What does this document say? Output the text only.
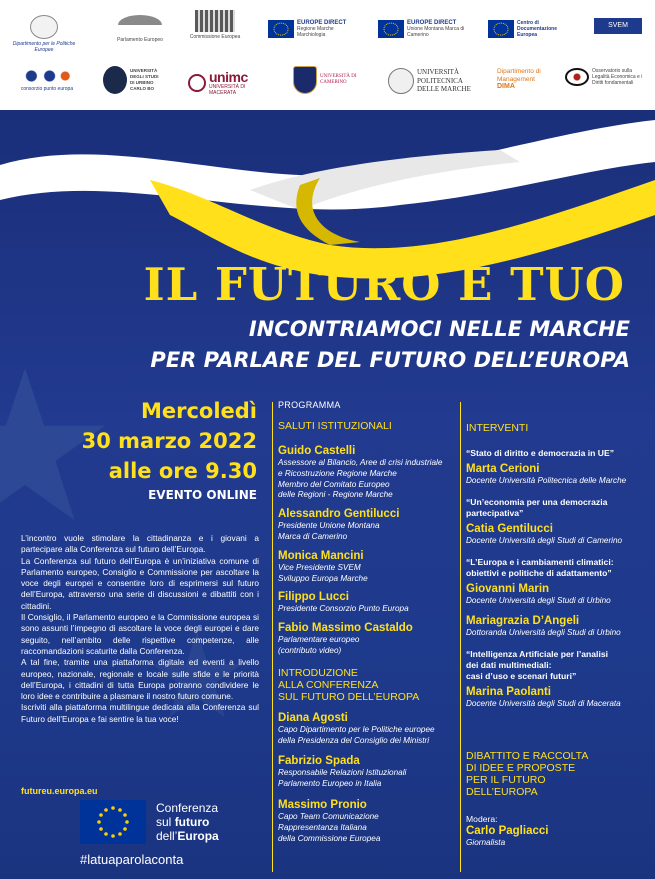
Dipartimento per le Politiche Europee
Parlamento Europeo	Commissione Europea
EUROPE DIRECT
Regione Marche Marchiologia
EUROPE DIRECT
Unione Montana Marca di Camerino
Centro di Documentazione Europea
SVEM
consorzio punto europa
UNIVERSITÀ DEGLI STUDI DI URBINO CARLO BO
unimc
UNIVERSITÀ DI MACERATA
UNIVERSITÀ DI CAMERINO
UNIVERSITÀ POLITECNICA DELLE MARCHE
Dipartimento di Management
DIMA
Osservatorio sulla Legalità Economica e i Diritti fondamentali
IL FUTURO È TUO
INCONTRIAMOCI NELLE MARCHE
PER PARLARE DEL FUTURO DELL’EUROPA
Mercoledì
30 marzo 2022
alle ore 9.30
EVENTO ONLINE

L’incontro vuole stimolare la cittadinanza e i giovani a partecipare alla Conferenza sul futuro dell’Europa.

La Conferenza sul futuro dell’Europa è un’iniziativa comune di Parlamento europeo, Consiglio e Commissione per ascoltare la voce degli europei e consentire loro di esprimersi sul futuro dell’Europa, attraverso una serie di discussioni e dibattiti con i cittadini.

Il Consiglio, il Parlamento europeo e la Commissione europea si sono assunti l’impegno di ascoltare la voce degli europei e dare seguito, nell’ambito delle rispettive competenze, alle raccomandazioni scaturite dalla Conferenza.

A tal fine, tramite una piattaforma digitale ed eventi a livello europeo, nazionale, regionale e locale sulle sfide e le priorità dell’Europa, i cittadini di tutta Europa potranno condividere le loro idee e contribuire a plasmare il nostro futuro comune.

Iscriviti alla piattaforma multilingue dedicata alla Conferenza sul Futuro dell’Europa e fai sentire la tua voce!

futureu.europa.eu
Conferenza
sul futuro
dell’Europa
#latuaparolaconta
PROGRAMMA
SALUTI ISTITUZIONALI
Guido Castelli
Assessore al Bilancio, Aree di crisi industriale
e Ricostruzione Regione Marche
Membro del Comitato Europeo
delle Regioni - Regione Marche
Alessandro Gentilucci
Presidente Unione Montana
Marca di Camerino
Monica Mancini
Vice Presidente SVEM
Sviluppo Europa Marche
Filippo Lucci
Presidente Consorzio Punto Europa
Fabio Massimo Castaldo
Parlamentare europeo
(contributo video)
INTRODUZIONE
ALLA CONFERENZA
SUL FUTURO DELL’EUROPA
Diana Agosti
Capo Dipartimento per le Politiche europee
della Presidenza del Consiglio dei Ministri
Fabrizio Spada
Responsabile Relazioni Istituzionali
Parlamento Europeo in Italia
Massimo Pronio
Capo Team Comunicazione
Rappresentanza Italiana
della Commissione Europea
INTERVENTI
“Stato di diritto e democrazia in UE”
Marta Cerioni
Docente Università Politecnica delle Marche
“Un’economia per una democrazia
partecipativa”
Catia Gentilucci
Docente Università degli Studi di Camerino
“L’Europa e i cambiamenti climatici:
obiettivi e politiche di adattamento”
Giovanni Marin
Docente Università degli Studi di Urbino
Mariagrazia D’Angeli
Dottoranda Università degli Studi di Urbino
“Intelligenza Artificiale per l’analisi
dei dati multimediali:
casi d’uso e scenari futuri”
Marina Paolanti
Docente Università degli Studi di Macerata
DIBATTITO E RACCOLTA
DI IDEE E PROPOSTE
PER IL FUTURO
DELL’EUROPA
Modera:
Carlo Pagliacci
Giornalista
